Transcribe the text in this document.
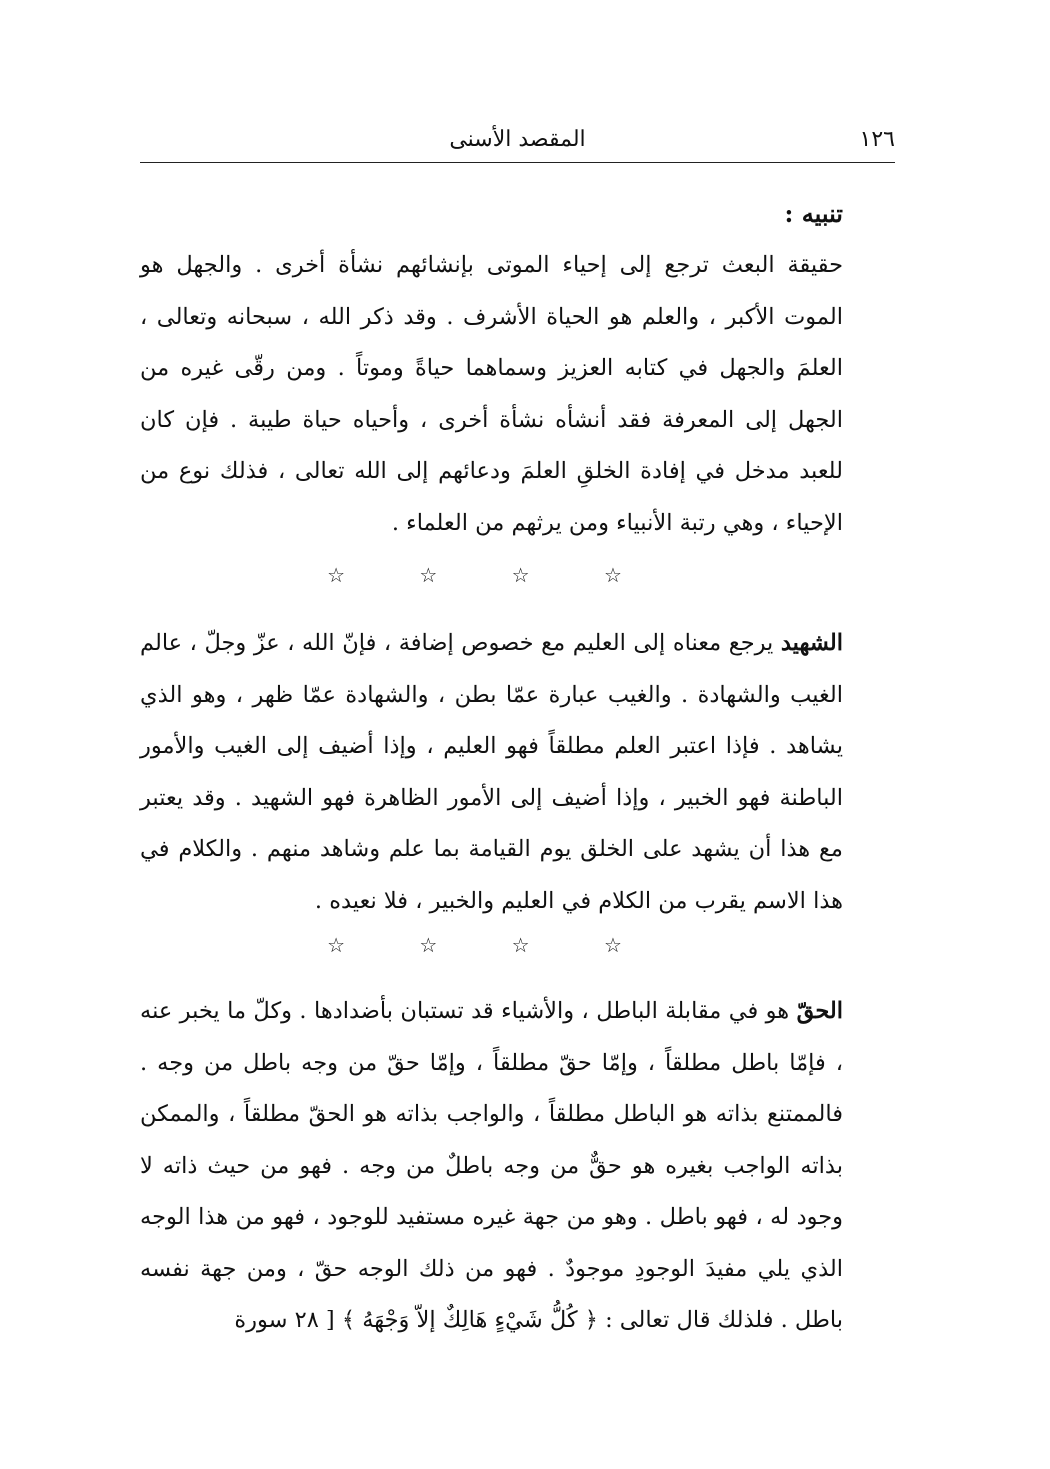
المقصد الأسنى	١٢٦
تنبيه :

حقيقة البعث ترجع إلى إحياء الموتى بإنشائهم نشأة أخرى . والجهل هو الموت الأكبر ، والعلم هو الحياة الأشرف . وقد ذكر الله ، سبحانه وتعالى ، العلمَ والجهل في كتابه العزيز وسماهما حياةً وموتاً . ومن رقّى غيره من الجهل إلى المعرفة فقد أنشأه نشأة أخرى ، وأحياه حياة طيبة . فإن كان للعبد مدخل في إفادة الخلقِ العلمَ ودعائهم إلى الله تعالى ، فذلك نوع من الإحياء ، وهي رتبة الأنبياء ومن يرثهم من العلماء .

☆ ☆ ☆ ☆

الشهيد يرجع معناه إلى العليم مع خصوص إضافة ، فإنّ الله ، عزّ وجلّ ، عالم الغيب والشهادة . والغيب عبارة عمّا بطن ، والشهادة عمّا ظهر ، وهو الذي يشاهد . فإذا اعتبر العلم مطلقاً فهو العليم ، وإذا أضيف إلى الغيب والأمور الباطنة فهو الخبير ، وإذا أضيف إلى الأمور الظاهرة فهو الشهيد . وقد يعتبر مع هذا أن يشهد على الخلق يوم القيامة بما علم وشاهد منهم . والكلام في هذا الاسم يقرب من الكلام في العليم والخبير ، فلا نعيده .

☆ ☆ ☆ ☆

الحقّ هو في مقابلة الباطل ، والأشياء قد تستبان بأضدادها . وكلّ ما يخبر عنه ، فإمّا باطل مطلقاً ، وإمّا حقّ مطلقاً ، وإمّا حقّ من وجه باطل من وجه . فالممتنع بذاته هو الباطل مطلقاً ، والواجب بذاته هو الحقّ مطلقاً ، والممكن بذاته الواجب بغيره هو حقٌّ من وجه باطلٌ من وجه . فهو من حيث ذاته لا وجود له ، فهو باطل . وهو من جهة غيره مستفيد للوجود ، فهو من هذا الوجه الذي يلي مفيدَ الوجودِ موجودٌ . فهو من ذلك الوجه حقّ ، ومن جهة نفسه باطل . فلذلك قال تعالى : ﴿ كُلُّ شَيْءٍ هَالِكٌ إلاّ وَجْهَهُ ﴾ [ ٢٨ سورة
